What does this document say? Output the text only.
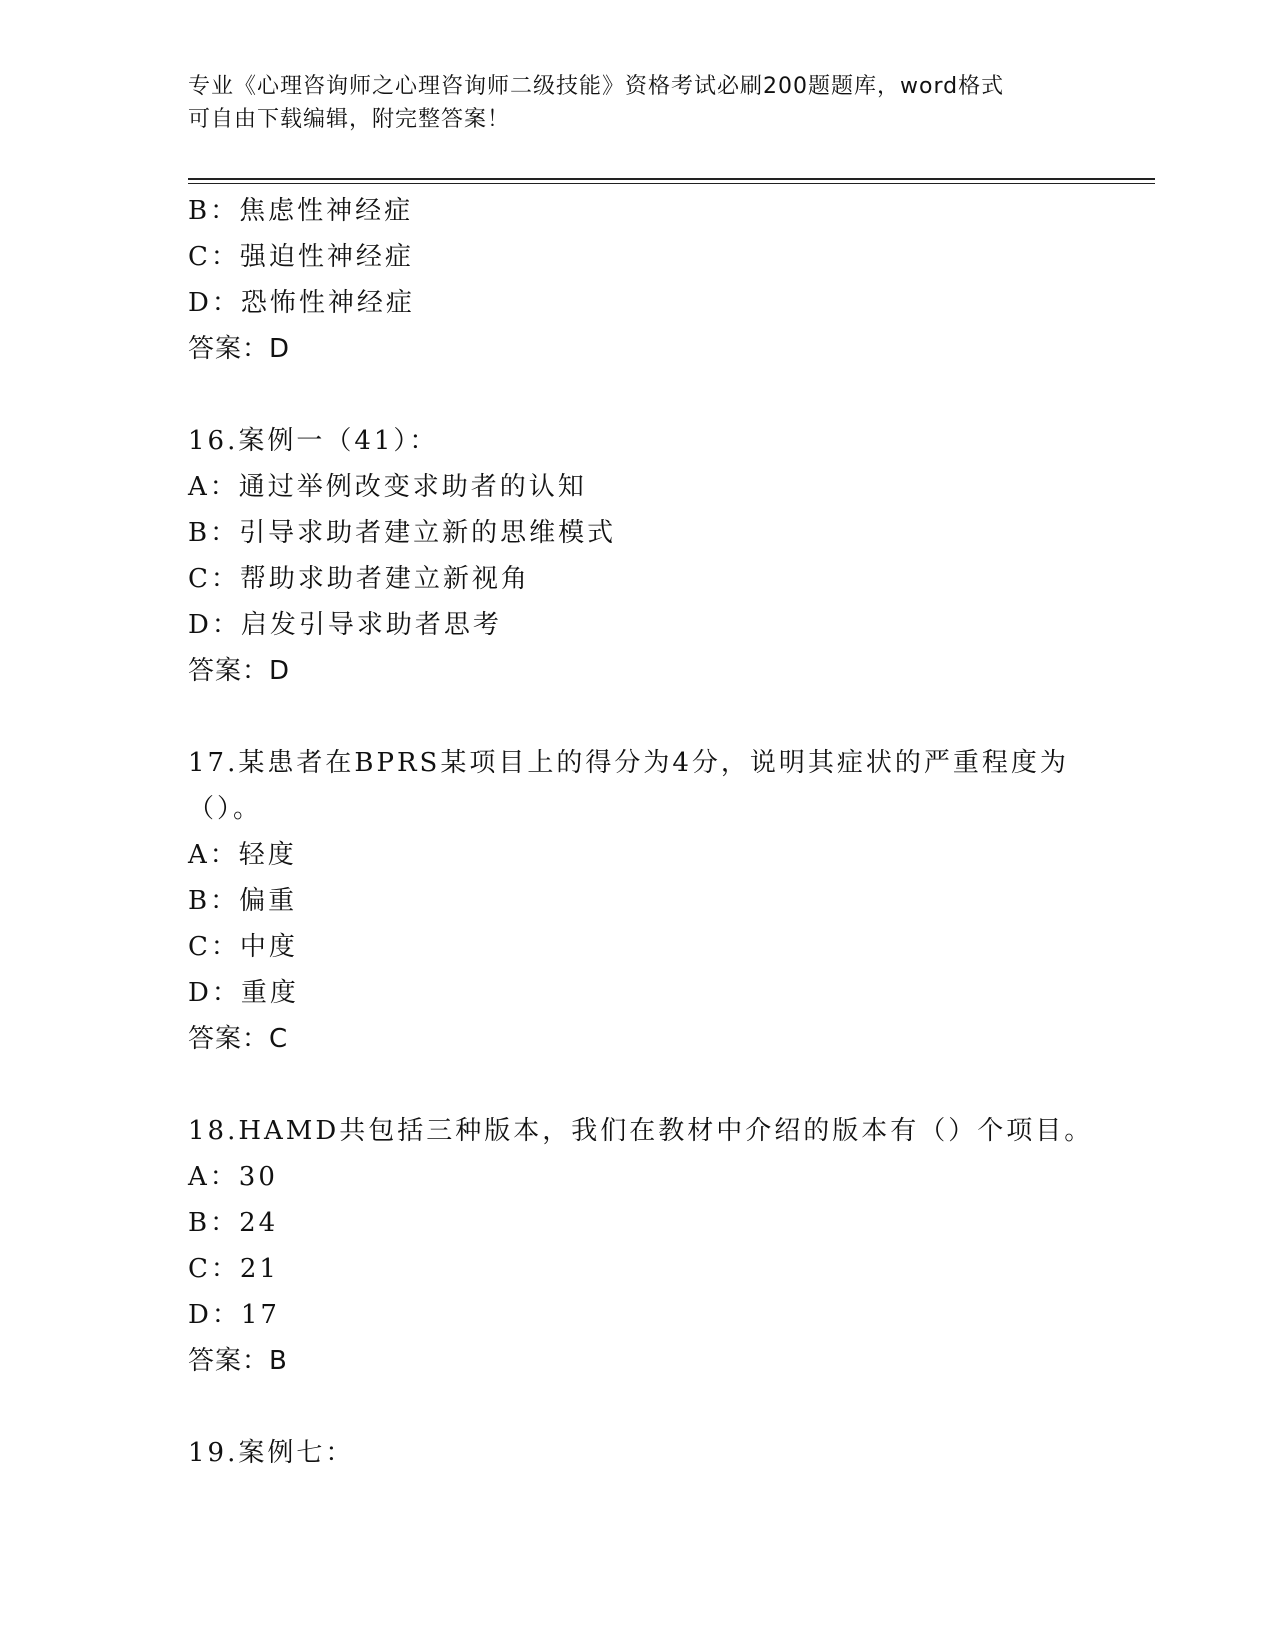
专业《心理咨询师之心理咨询师二级技能》资格考试必刷200题题库，word格式
可自由下载编辑，附完整答案！
B：焦虑性神经症
C：强迫性神经症
D：恐怖性神经症
答案：D
16.案例一（41）：
A：通过举例改变求助者的认知
B：引导求助者建立新的思维模式
C：帮助求助者建立新视角
D：启发引导求助者思考
答案：D
17.某患者在BPRS某项目上的得分为4分，说明其症状的严重程度为
（）。
A：轻度
B：偏重
C：中度
D：重度
答案：C
18.HAMD共包括三种版本，我们在教材中介绍的版本有（）个项目。
A：30
B：24
C：21
D：17
答案：B
19.案例七：
